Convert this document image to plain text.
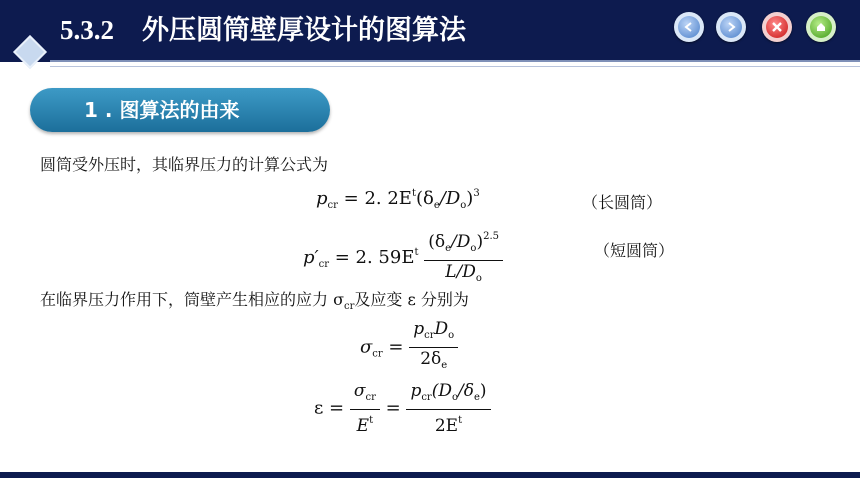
5.3.2 外压圆筒壁厚设计的图算法
1 . 图算法的由来
圆筒受外压时，其临界压力的计算公式为
$p_{cr} = 2$. $2E^t(\delta_e/D_o)^3$	（长圆筒）
$p'_{cr} = 2$. $59E^t \frac{(\delta_e/D_o)^{2.5}}{L/D_o}$	（短圆筒）
在临界压力作用下，筒壁产生相应的应力 $\sigma_{cr}$及应变 ε 分别为
$\sigma_{cr} = \frac{p_{cr}D_o}{2\delta_e}$
$\varepsilon = \frac{\sigma_{cr}}{E^t} = \frac{p_{cr}(D_o/\delta_e)}{2E^t}$
